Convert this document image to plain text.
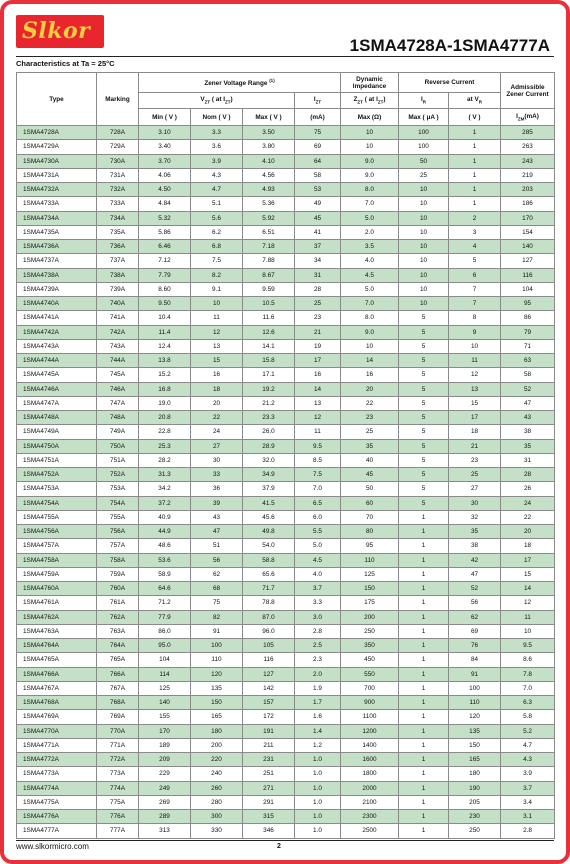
Slkor
1SMA4728A-1SMA4777A
Characteristics at Ta = 25°C
Type	Marking	Zener Voltage Range $^{(1)}$				Dynamic
Impedance	Reverse Current		Admissible
Zener Current
		$V_{ZT}$ ( at $I_{ZT}$)			$I_{ZT}$	$Z_{ZT}$ ( at $I_{ZT}$)	$I_R$	at $V_R$
		Min ( V )	Nom ( V )	Max ( V )	(mA)	Max (Ω)	Max ( μA )	( V )	$I_{ZM}(mA)$
1SMA4728A	728A	3.10	3.3	3.50	75	10	100	1	285
1SMA4729A	729A	3.40	3.6	3.80	69	10	100	1	263
1SMA4730A	730A	3.70	3.9	4.10	64	9.0	50	1	243
1SMA4731A	731A	4.06	4.3	4.56	58	9.0	25	1	219
1SMA4732A	732A	4.50	4.7	4.93	53	8.0	10	1	203
1SMA4733A	733A	4.84	5.1	5.36	49	7.0	10	1	186
1SMA4734A	734A	5.32	5.6	5.92	45	5.0	10	2	170
1SMA4735A	735A	5.86	6.2	6.51	41	2.0	10	3	154
1SMA4736A	736A	6.46	6.8	7.18	37	3.5	10	4	140
1SMA4737A	737A	7.12	7.5	7.88	34	4.0	10	5	127
1SMA4738A	738A	7.79	8.2	8.67	31	4.5	10	6	116
1SMA4739A	739A	8.60	9.1	9.59	28	5.0	10	7	104
1SMA4740A	740A	9.50	10	10.5	25	7.0	10	7	95
1SMA4741A	741A	10.4	11	11.6	23	8.0	5	8	86
1SMA4742A	742A	11.4	12	12.6	21	9.0	5	9	79
1SMA4743A	743A	12.4	13	14.1	19	10	5	10	71
1SMA4744A	744A	13.8	15	15.8	17	14	5	11	63
1SMA4745A	745A	15.2	16	17.1	16	16	5	12	58
1SMA4746A	746A	16.8	18	19.2	14	20	5	13	52
1SMA4747A	747A	19.0	20	21.2	13	22	5	15	47
1SMA4748A	748A	20.8	22	23.3	12	23	5	17	43
1SMA4749A	749A	22.8	24	26.0	11	25	5	18	38
1SMA4750A	750A	25.3	27	28.9	9.5	35	5	21	35
1SMA4751A	751A	28.2	30	32.0	8.5	40	5	23	31
1SMA4752A	752A	31.3	33	34.9	7.5	45	5	25	28
1SMA4753A	753A	34.2	36	37.9	7.0	50	5	27	26
1SMA4754A	754A	37.2	39	41.5	6.5	60	5	30	24
1SMA4755A	755A	40.9	43	45.6	6.0	70	1	32	22
1SMA4756A	756A	44.9	47	49.8	5.5	80	1	35	20
1SMA4757A	757A	48.6	51	54.0	5.0	95	1	38	18
1SMA4758A	758A	53.6	56	58.8	4.5	110	1	42	17
1SMA4759A	759A	58.9	62	65.6	4.0	125	1	47	15
1SMA4760A	760A	64.6	68	71.7	3.7	150	1	52	14
1SMA4761A	761A	71.2	75	78.8	3.3	175	1	56	12
1SMA4762A	762A	77.9	82	87.0	3.0	200	1	62	11
1SMA4763A	763A	86.0	91	96.0	2.8	250	1	69	10
1SMA4764A	764A	95.0	100	105	2.5	350	1	76	9.5
1SMA4765A	765A	104	110	116	2.3	450	1	84	8.6
1SMA4766A	766A	114	120	127	2.0	550	1	91	7.8
1SMA4767A	767A	125	135	142	1.9	700	1	100	7.0
1SMA4768A	768A	140	150	157	1.7	900	1	110	6.3
1SMA4769A	769A	155	165	172	1.6	1100	1	120	5.8
1SMA4770A	770A	170	180	191	1.4	1200	1	135	5.2
1SMA4771A	771A	189	200	211	1.2	1400	1	150	4.7
1SMA4772A	772A	209	220	231	1.0	1600	1	165	4.3
1SMA4773A	773A	229	240	251	1.0	1800	1	180	3.9
1SMA4774A	774A	249	260	271	1.0	2000	1	190	3.7
1SMA4775A	775A	269	280	291	1.0	2100	1	205	3.4
1SMA4776A	776A	289	300	315	1.0	2300	1	230	3.1
1SMA4777A	777A	313	330	346	1.0	2500	1	250	2.8
www.slkormicro.com	2
